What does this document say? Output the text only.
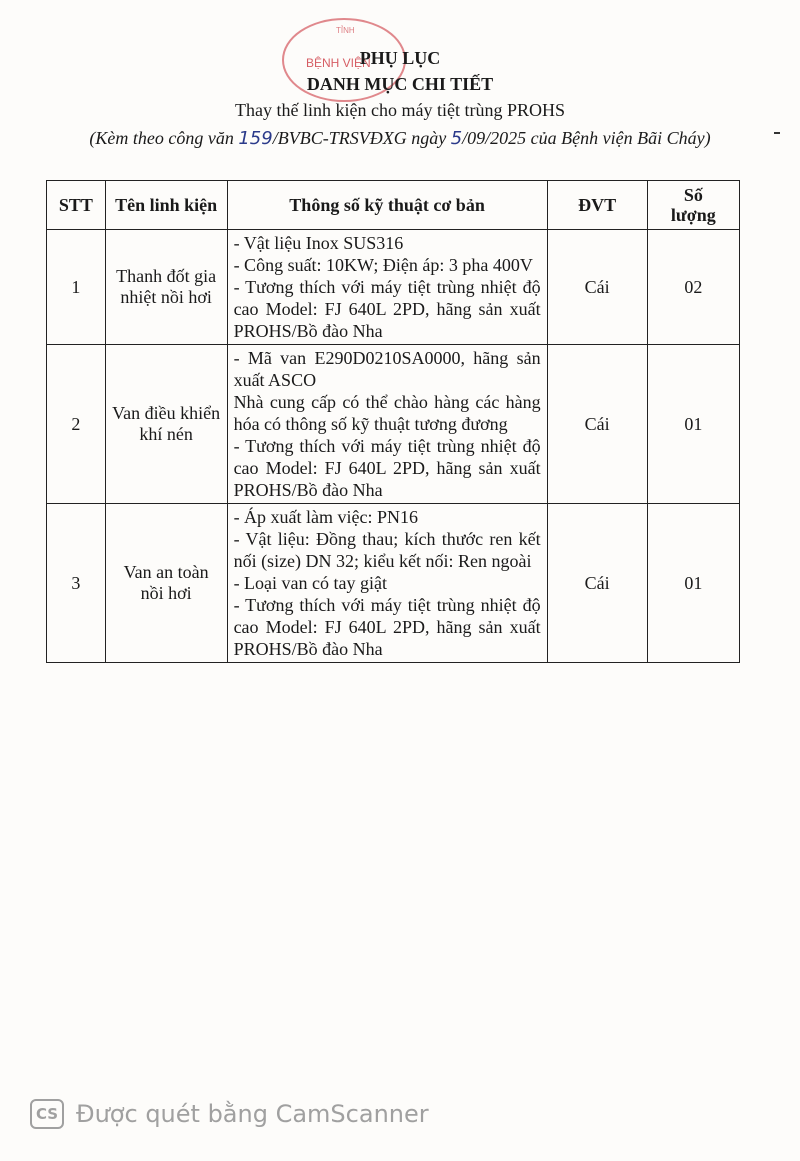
TỈNH
BỆNH VIỆN
PHỤ LỤC
DANH MỤC CHI TIẾT
Thay thế linh kiện cho máy tiệt trùng PROHS
(Kèm theo công văn 159/BVBC-TRSVĐXG ngày 5/09/2025 của Bệnh viện Bãi Cháy)
STT	Tên linh kiện	Thông số kỹ thuật cơ bản	ĐVT	Số
lượng

1	Thanh đốt gia nhiệt nồi hơi	- Vật liệu Inox SUS316
- Công suất: 10KW; Điện áp: 3 pha 400V
- Tương thích với máy tiệt trùng nhiệt độ cao Model: FJ 640L 2PD, hãng sản xuất PROHS/Bồ đào Nha	Cái	02
2	Van điều khiển khí nén	- Mã van E290D0210SA0000, hãng sản xuất ASCO
Nhà cung cấp có thể chào hàng các hàng hóa có thông số kỹ thuật tương đương
- Tương thích với máy tiệt trùng nhiệt độ cao Model: FJ 640L 2PD, hãng sản xuất PROHS/Bồ đào Nha	Cái	01
3	Van an toàn nồi hơi	- Áp xuất làm việc: PN16
- Vật liệu: Đồng thau; kích thước ren kết nối (size) DN 32; kiểu kết nối: Ren ngoài
- Loại van có tay giật
- Tương thích với máy tiệt trùng nhiệt độ cao Model: FJ 640L 2PD, hãng sản xuất PROHS/Bồ đào Nha	Cái	01
CS Được quét bằng CamScanner
